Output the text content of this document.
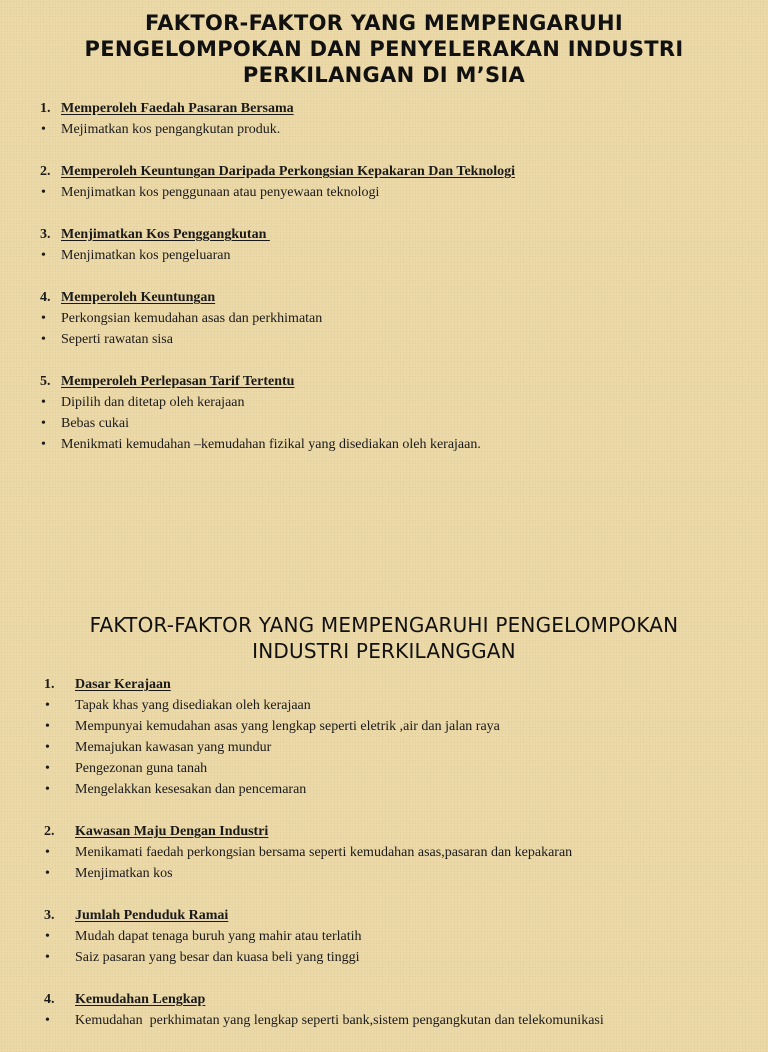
FAKTOR-FAKTOR YANG MEMPENGARUHI
PENGELOMPOKAN DAN PENYELERAKAN INDUSTRI
PERKILANGAN DI M’SIA
1. Memperoleh Faedah Pasaran Bersama
• Mejimatkan kos pengangkutan produk.
2. Memperoleh Keuntungan Daripada Perkongsian Kepakaran Dan Teknologi
• Menjimatkan kos penggunaan atau penyewaan teknologi
3. Menjimatkan Kos Penggangkutan
• Menjimatkan kos pengeluaran
4. Memperoleh Keuntungan
• Perkongsian kemudahan asas dan perkhimatan
• Seperti rawatan sisa
5. Memperoleh Perlepasan Tarif Tertentu
• Dipilih dan ditetap oleh kerajaan
• Bebas cukai
• Menikmati kemudahan –kemudahan fizikal yang disediakan oleh kerajaan.
FAKTOR-FAKTOR YANG MEMPENGARUHI PENGELOMPOKAN
INDUSTRI PERKILANGGAN
1. Dasar Kerajaan
• Tapak khas yang disediakan oleh kerajaan
• Mempunyai kemudahan asas yang lengkap seperti eletrik ,air dan jalan raya
• Memajukan kawasan yang mundur
• Pengezonan guna tanah
• Mengelakkan kesesakan dan pencemaran
2. Kawasan Maju Dengan Industri
• Menikamati faedah perkongsian bersama seperti kemudahan asas,pasaran dan kepakaran
• Menjimatkan kos
3. Jumlah Penduduk Ramai
• Mudah dapat tenaga buruh yang mahir atau terlatih
• Saiz pasaran yang besar dan kuasa beli yang tinggi
4. Kemudahan Lengkap
• Kemudahan  perkhimatan yang lengkap seperti bank,sistem pengangkutan dan telekomunikasi
